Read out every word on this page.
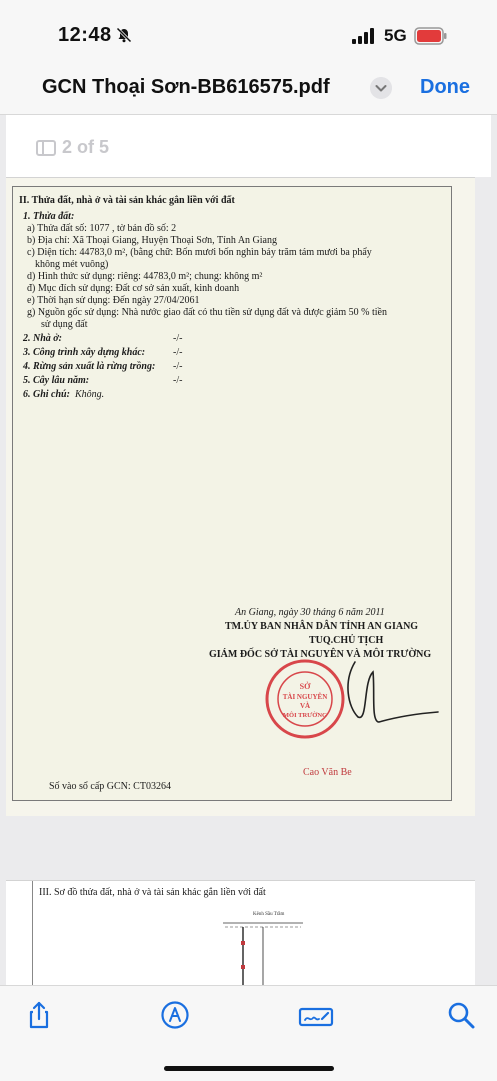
12:48	5G
GCN Thoại Sơn-BB616575.pdf	Done
2 of 5
II. Thửa đất, nhà ở và tài sản khác gắn liền với đất
1. Thửa đất:
a) Thửa đất số: 1077 , tờ bản đồ số: 2
b) Địa chỉ: Xã Thoại Giang, Huyện Thoại Sơn, Tỉnh An Giang
c) Diện tích: 44783,0 m², (bằng chữ: Bốn mươi bốn nghìn bảy trăm tám mươi ba phẩy
không mét vuông)
d) Hình thức sử dụng: riêng: 44783,0 m²; chung: không m²
đ) Mục đích sử dụng: Đất cơ sở sản xuất, kinh doanh
e) Thời hạn sử dụng: Đến ngày 27/04/2061
g) Nguồn gốc sử dụng: Nhà nước giao đất có thu tiền sử dụng đất và được giảm 50 % tiền
sử dụng đất
2. Nhà ở:	-/-
3. Công trình xây dựng khác:	-/-
4. Rừng sản xuất là rừng trồng: -/-
5. Cây lâu năm:	-/-
6. Ghi chú: Không.
An Giang, ngày 30 tháng 6 năm 2011
TM.ỦY BAN NHÂN DÂN TỈNH AN GIANG
TUQ.CHỦ TỊCH
GIÁM ĐỐC SỞ TÀI NGUYÊN VÀ MÔI TRƯỜNG
SỞ
TÀI NGUYÊN
VÀ
MÔI TRƯỜNG
Cao Văn Be
Số vào sổ cấp GCN: CT03264
III. Sơ đồ thửa đất, nhà ở và tài sản khác gắn liền với đất
Kênh Sầu Trầm
